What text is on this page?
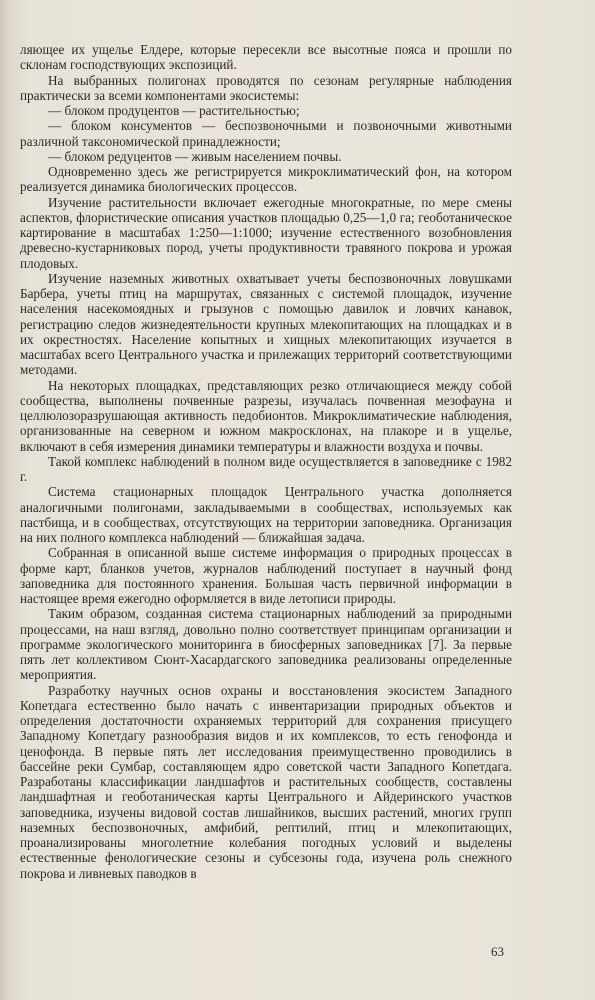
ляющее их ущелье Елдере, которые пересекли все высотные пояса и прошли по склонам господствующих экспозиций.

На выбранных полигонах проводятся по сезонам регулярные наблюдения практически за всеми компонентами экосистемы:

— блоком продуцентов — растительностью;

— блоком консументов — беспозвоночными и позвоночными животными различной таксономической принадлежности;

— блоком редуцентов — живым населением почвы.

Одновременно здесь же регистрируется микроклиматический фон, на котором реализуется динамика биологических процессов.

Изучение растительности включает ежегодные многократные, по мере смены аспектов, флористические описания участков площадью 0,25—1,0 га; геоботаническое картирование в масштабах 1:250—1:1000; изучение естественного возобновления древесно-кустарниковых пород, учеты продуктивности травяного покрова и урожая плодовых.

Изучение наземных животных охватывает учеты беспозвоночных ловушками Барбера, учеты птиц на маршрутах, связанных с системой площадок, изучение населения насекомоядных и грызунов с помощью давилок и ловчих канавок, регистрацию следов жизнедеятельности крупных млекопитающих на площадках и в их окрестностях. Население копытных и хищных млекопитающих изучается в масштабах всего Центрального участка и прилежащих территорий соответствующими методами.

На некоторых площадках, представляющих резко отличающиеся между собой сообщества, выполнены почвенные разрезы, изучалась почвенная мезофауна и целлюлозоразрушающая активность педобионтов. Микроклиматические наблюдения, организованные на северном и южном макросклонах, на плакоре и в ущелье, включают в себя измерения динамики температуры и влажности воздуха и почвы.

Такой комплекс наблюдений в полном виде осуществляется в заповеднике с 1982 г.

Система стационарных площадок Центрального участка дополняется аналогичными полигонами, закладываемыми в сообществах, используемых как пастбища, и в сообществах, отсутствующих на территории заповедника. Организация на них полного комплекса наблюдений — ближайшая задача.

Собранная в описанной выше системе информация о природных процессах в форме карт, бланков учетов, журналов наблюдений поступает в научный фонд заповедника для постоянного хранения. Большая часть первичной информации в настоящее время ежегодно оформляется в виде летописи природы.

Таким образом, созданная система стационарных наблюдений за природными процессами, на наш взгляд, довольно полно соответствует принципам организации и программе экологического мониторинга в биосферных заповедниках [7]. За первые пять лет коллективом Сюнт-Хасардагского заповедника реализованы определенные мероприятия.

Разработку научных основ охраны и восстановления экосистем Западного Копетдага естественно было начать с инвентаризации природных объектов и определения достаточности охраняемых территорий для сохранения присущего Западному Копетдагу разнообразия видов и их комплексов, то есть генофонда и ценофонда. В первые пять лет исследования преимущественно проводились в бассейне реки Сумбар, составляющем ядро советской части Западного Копетдага. Разработаны классификации ландшафтов и растительных сообществ, составлены ландшафтная и геоботаническая карты Центрального и Айдеринского участков заповедника, изучены видовой состав лишайников, высших растений, многих групп наземных беспозвоночных, амфибий, рептилий, птиц и млекопитающих, проанализированы многолетние колебания погодных условий и выделены естественные фенологические сезоны и субсезоны года, изучена роль снежного покрова и ливневых паводков в

63
